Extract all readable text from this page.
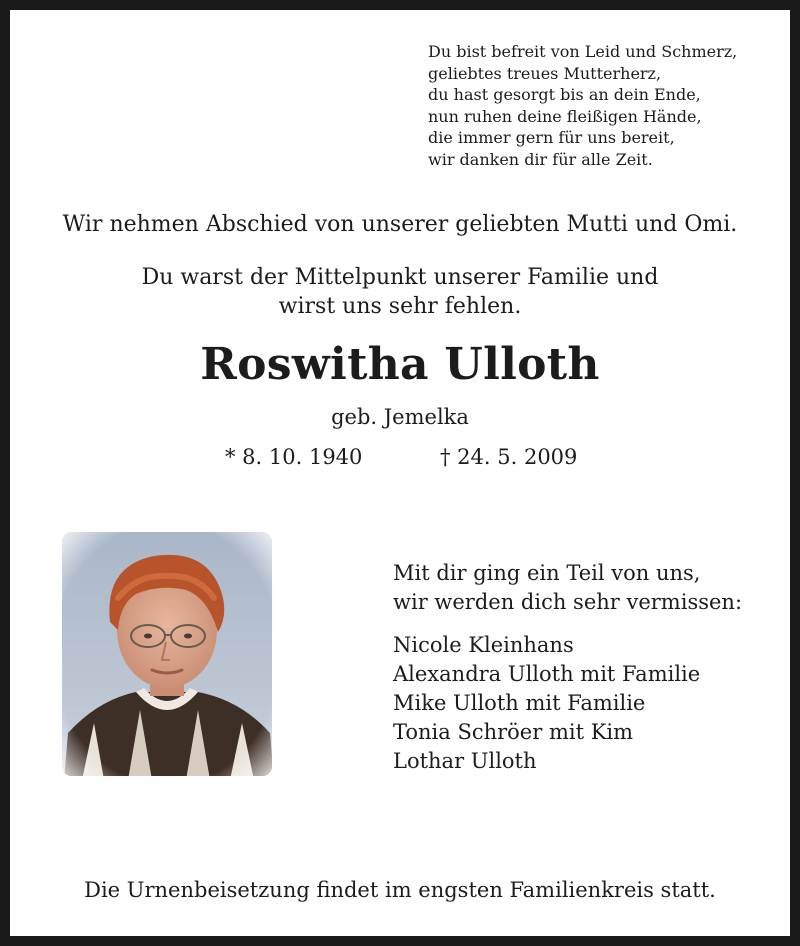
Du bist befreit von Leid und Schmerz,
geliebtes treues Mutterherz,
du hast gesorgt bis an dein Ende,
nun ruhen deine fleißigen Hände,
die immer gern für uns bereit,
wir danken dir für alle Zeit.
Wir nehmen Abschied von unserer geliebten Mutti und Omi.
Du warst der Mittelpunkt unserer Familie und
wirst uns sehr fehlen.
Roswitha Ulloth
geb. Jemelka
* 8. 10. 1940	† 24. 5. 2009
Mit dir ging ein Teil von uns,
wir werden dich sehr vermissen:
Nicole Kleinhans
Alexandra Ulloth mit Familie
Mike Ulloth mit Familie
Tonia Schröer mit Kim
Lothar Ulloth
Die Urnenbeisetzung findet im engsten Familienkreis statt.
